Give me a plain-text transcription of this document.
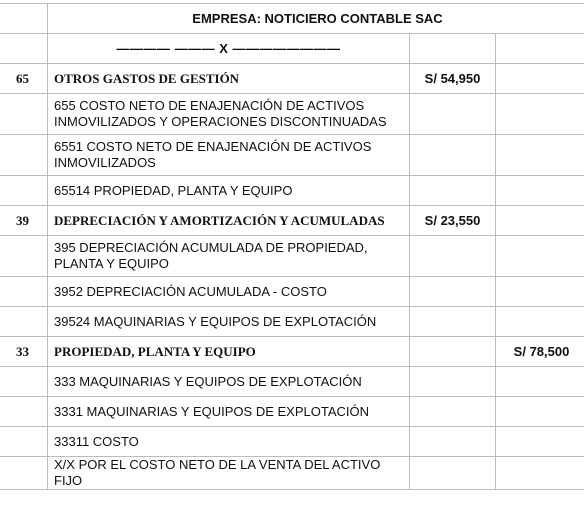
	EMPRESA: NOTICIERO CONTABLE SAC		
	———— ——— X ————————		
65	OTROS GASTOS DE GESTIÓN	S/ 54,950	
	655 COSTO NETO DE ENAJENACIÓN DE ACTIVOS INMOVILIZADOS Y OPERACIONES DISCONTINUADAS		
	6551 COSTO NETO DE ENAJENACIÓN DE ACTIVOS INMOVILIZADOS		
	65514 PROPIEDAD, PLANTA Y EQUIPO		
39	DEPRECIACIÓN Y AMORTIZACIÓN Y ACUMULADAS	S/ 23,550	
	395 DEPRECIACIÓN ACUMULADA DE PROPIEDAD, PLANTA Y EQUIPO		
	3952 DEPRECIACIÓN ACUMULADA - COSTO		
	39524 MAQUINARIAS Y EQUIPOS DE EXPLOTACIÓN		
33	PROPIEDAD, PLANTA Y EQUIPO		S/ 78,500
	333 MAQUINARIAS Y EQUIPOS DE EXPLOTACIÓN		
	3331 MAQUINARIAS Y EQUIPOS DE EXPLOTACIÓN		
	33311 COSTO		
	X/X POR EL COSTO NETO DE LA VENTA DEL ACTIVO FIJO		
